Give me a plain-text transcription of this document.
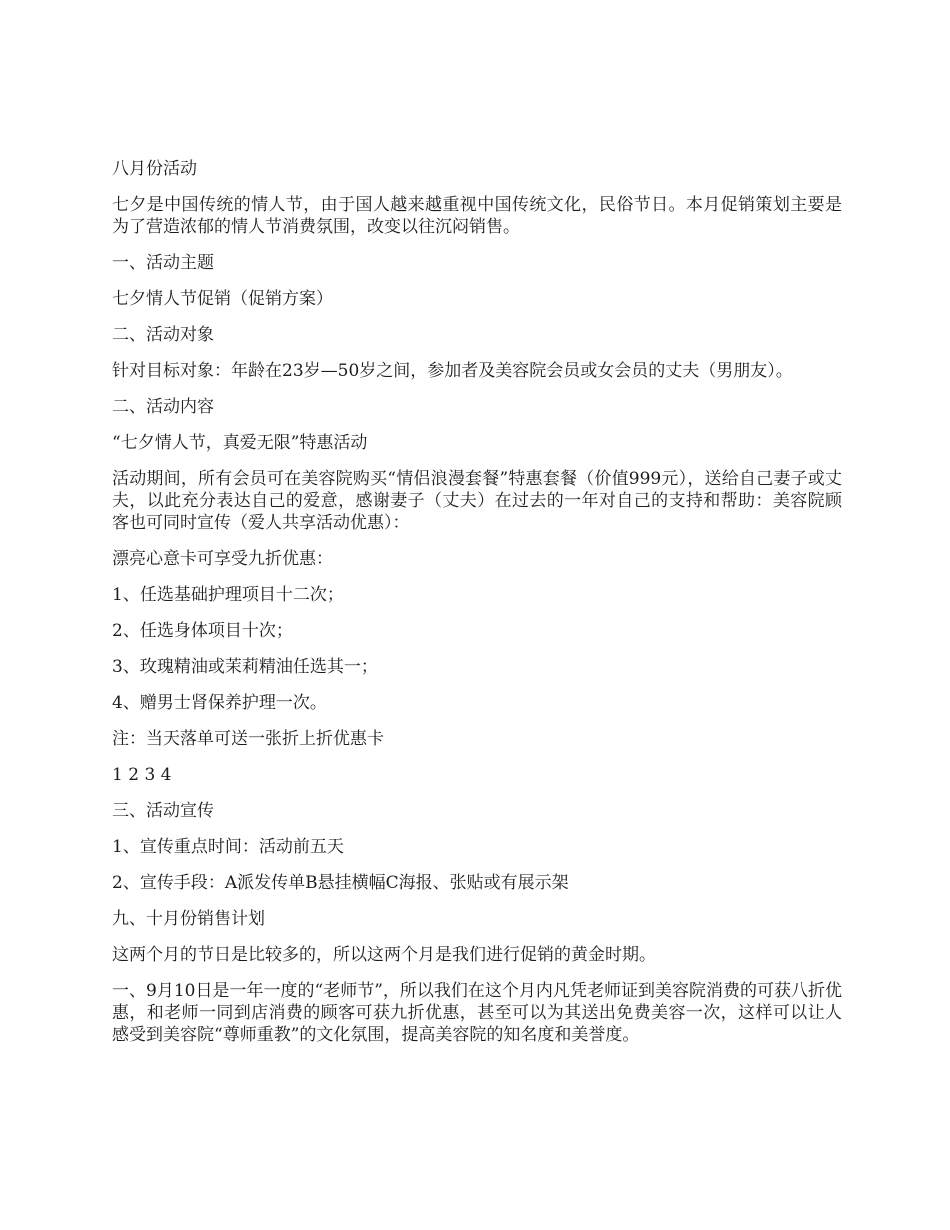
八月份活动

七夕是中国传统的情人节，由于国人越来越重视中国传统文化，民俗节日。本月促销策划主要是为了营造浓郁的情人节消费氛围，改变以往沉闷销售。

一、活动主题

七夕情人节促销（促销方案）

二、活动对象

针对目标对象：年龄在23岁—50岁之间，参加者及美容院会员或女会员的丈夫（男朋友）。

二、活动内容

“七夕情人节，真爱无限”特惠活动

活动期间，所有会员可在美容院购买“情侣浪漫套餐”特惠套餐（价值999元），送给自己妻子或丈夫，以此充分表达自己的爱意，感谢妻子（丈夫）在过去的一年对自己的支持和帮助：美容院顾客也可同时宣传（爱人共享活动优惠）：

漂亮心意卡可享受九折优惠：

1、任选基础护理项目十二次；

2、任选身体项目十次；

3、玫瑰精油或茉莉精油任选其一；

4、赠男士肾保养护理一次。

注：当天落单可送一张折上折优惠卡

1 2 3 4

三、活动宣传

1、宣传重点时间：活动前五天

2、宣传手段：A派发传单B悬挂横幅C海报、张贴或有展示架

九、十月份销售计划

这两个月的节日是比较多的，所以这两个月是我们进行促销的黄金时期。

一、9月10日是一年一度的“老师节”，所以我们在这个月内凡凭老师证到美容院消费的可获八折优惠，和老师一同到店消费的顾客可获九折优惠，甚至可以为其送出免费美容一次，这样可以让人感受到美容院“尊师重教”的文化氛围，提高美容院的知名度和美誉度。
